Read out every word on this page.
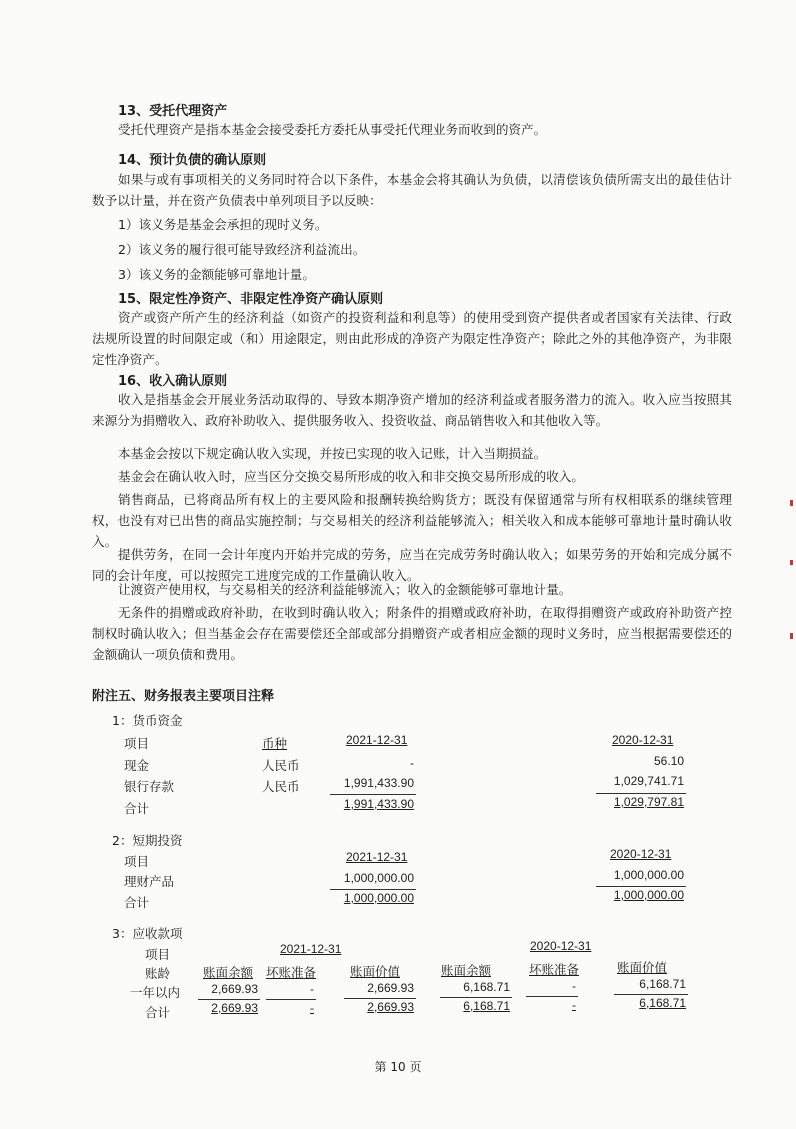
13、受托代理资产
受托代理资产是指本基金会接受委托方委托从事受托代理业务而收到的资产。
14、预计负债的确认原则
如果与或有事项相关的义务同时符合以下条件，本基金会将其确认为负债，以清偿该负债所需支出的最佳估计数予以计量，并在资产负债表中单列项目予以反映：
1）该义务是基金会承担的现时义务。
2）该义务的履行很可能导致经济利益流出。
3）该义务的金额能够可靠地计量。
15、限定性净资产、非限定性净资产确认原则
资产或资产所产生的经济利益（如资产的投资利益和利息等）的使用受到资产提供者或者国家有关法律、行政法规所设置的时间限定或（和）用途限定，则由此形成的净资产为限定性净资产；除此之外的其他净资产，为非限定性净资产。
16、收入确认原则
收入是指基金会开展业务活动取得的、导致本期净资产增加的经济利益或者服务潜力的流入。收入应当按照其来源分为捐赠收入、政府补助收入、提供服务收入、投资收益、商品销售收入和其他收入等。
本基金会按以下规定确认收入实现，并按已实现的收入记账，计入当期损益。
基金会在确认收入时，应当区分交换交易所形成的收入和非交换交易所形成的收入。
销售商品，已将商品所有权上的主要风险和报酬转换给购货方；既没有保留通常与所有权相联系的继续管理权，也没有对已出售的商品实施控制；与交易相关的经济利益能够流入；相关收入和成本能够可靠地计量时确认收入。
提供劳务，在同一会计年度内开始并完成的劳务，应当在完成劳务时确认收入；如果劳务的开始和完成分属不同的会计年度，可以按照完工进度完成的工作量确认收入。
让渡资产使用权，与交易相关的经济利益能够流入；收入的金额能够可靠地计量。
无条件的捐赠或政府补助，在收到时确认收入；附条件的捐赠或政府补助，在取得捐赠资产或政府补助资产控制权时确认收入；但当基金会存在需要偿还全部或部分捐赠资产或者相应金额的现时义务时，应当根据需要偿还的金额确认一项负债和费用。
附注五、财务报表主要项目注释
1：货币资金
项目	币种	2021-12-31	2020-12-31
现金	人民币	-	56.10
银行存款	人民币	1,991,433.90	1,029,741.71
合计	1,991,433.90	1,029,797.81
2：短期投资
项目	2021-12-31	2020-12-31
理财产品	1,000,000.00	1,000,000.00
合计	1,000,000.00	1,000,000.00
3：应收款项
项目	2021-12-31	2020-12-31
账龄	账面余额 坏账准备	账面价值	账面余额	坏账准备	账面价值
一年以内	2,669.93	-	2,669.93	6,168.71	-	6,168.71
合计	2,669.93	-	2,669.93	6,168.71	-	6,168.71
第 10 页
